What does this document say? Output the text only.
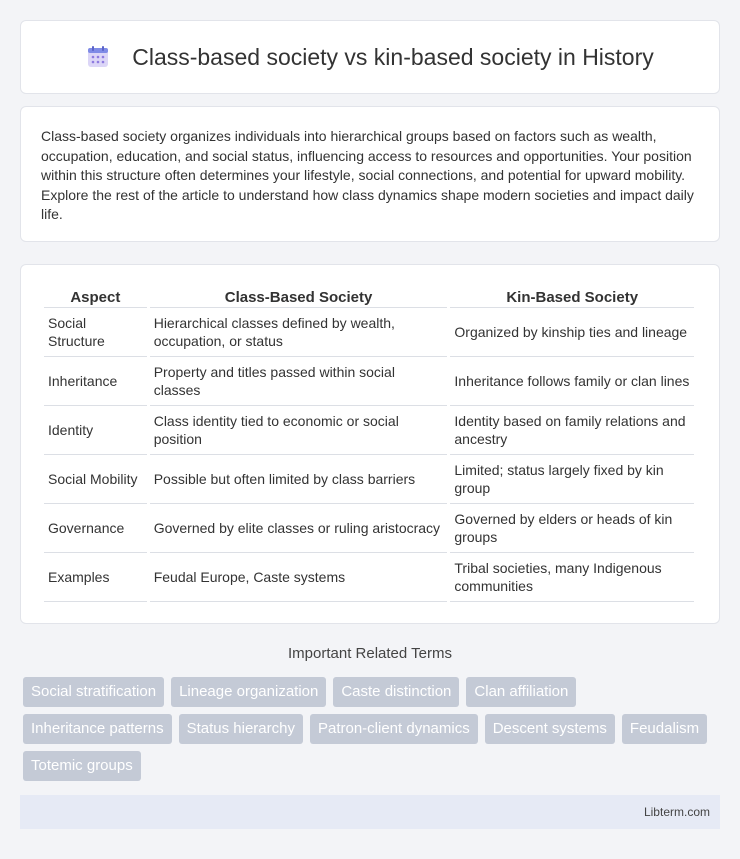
Class-based society vs kin-based society in History

Class-based society organizes individuals into hierarchical groups based on factors such as wealth, occupation, education, and social status, influencing access to resources and opportunities. Your position within this structure often determines your lifestyle, social connections, and potential for upward mobility. Explore the rest of the article to understand how class dynamics shape modern societies and impact daily life.

Aspect	Class-Based Society	Kin-Based Society
Social Structure	Hierarchical classes defined by wealth, occupation, or status	Organized by kinship ties and lineage
Inheritance	Property and titles passed within social classes	Inheritance follows family or clan lines
Identity	Class identity tied to economic or social position	Identity based on family relations and ancestry
Social Mobility	Possible but often limited by class barriers	Limited; status largely fixed by kin group
Governance	Governed by elite classes or ruling aristocracy	Governed by elders or heads of kin groups
Examples	Feudal Europe, Caste systems	Tribal societies, many Indigenous communities
Important Related Terms
Social stratification	Lineage organization	Caste distinction	Clan affiliation
Inheritance patterns	Status hierarchy	Patron-client dynamics	Descent systems	Feudalism
Totemic groups
Libterm.com
